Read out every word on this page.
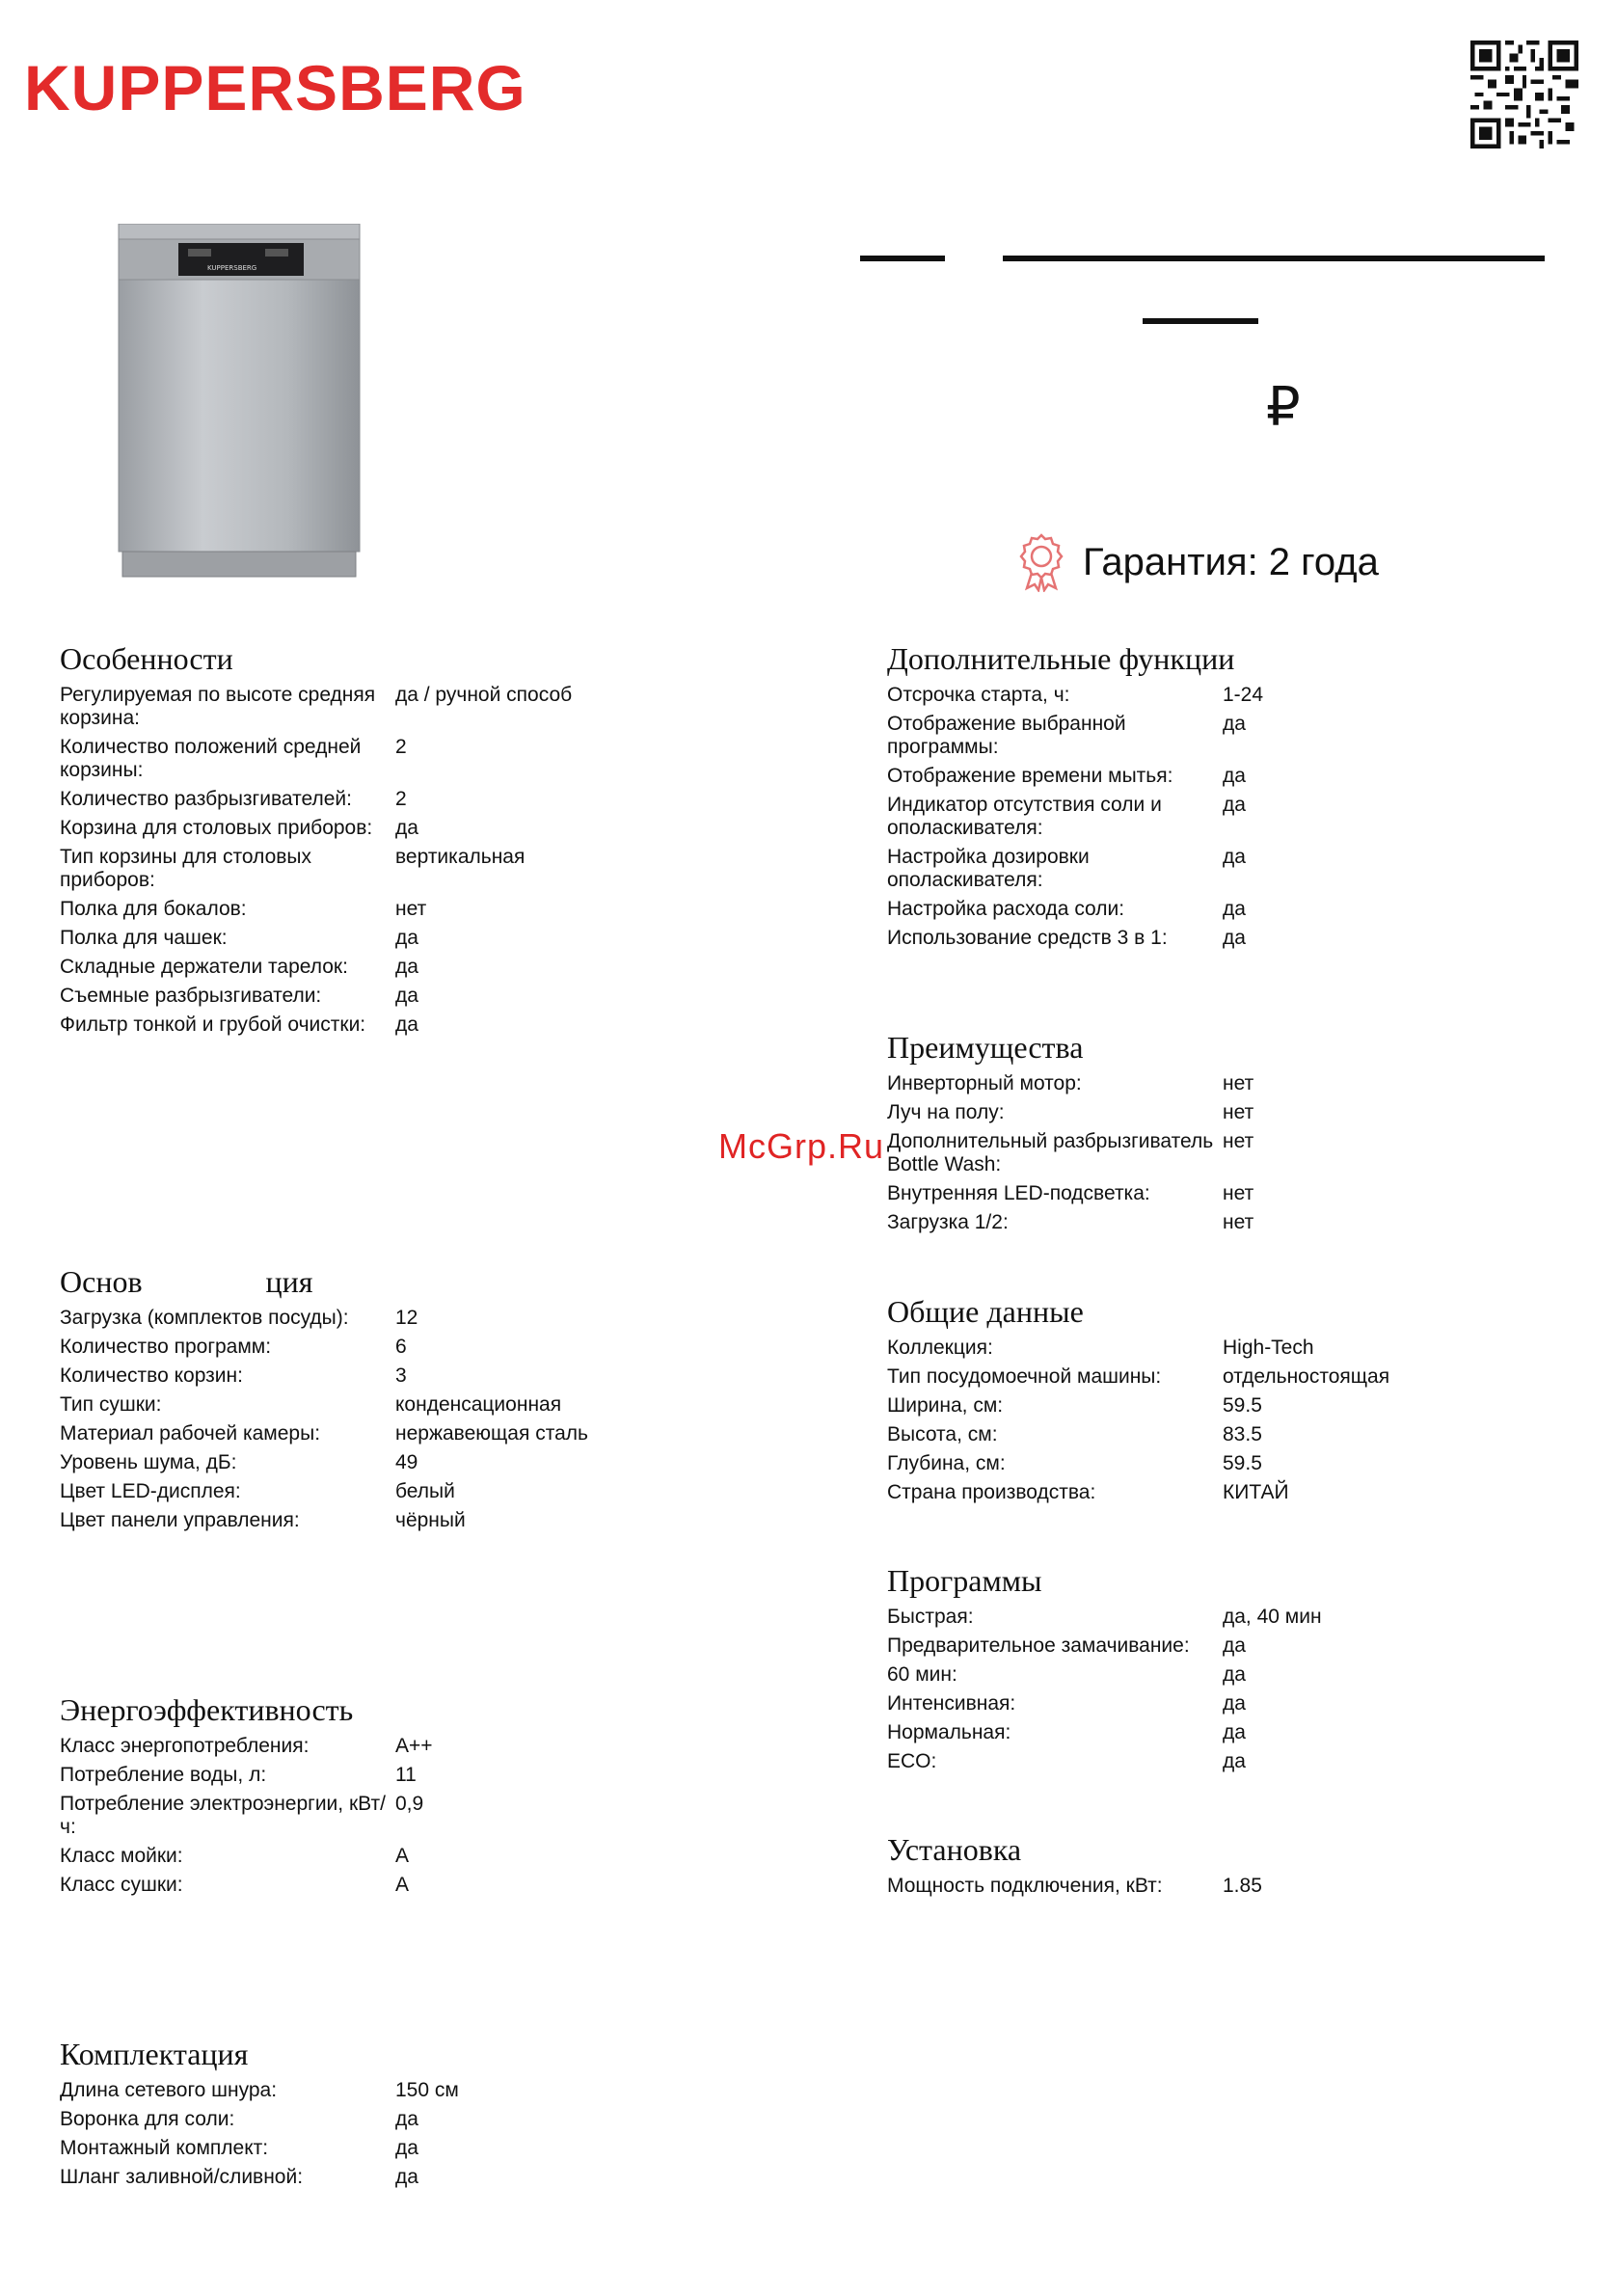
KUPPERSBERG
KUPPERSBERG
₽
Гарантия: 2 года
McGrp.Ru
Особенности
Регулируемая по высоте средняя корзина:
да / ручной способ
Количество положений средней корзины:
2
Количество разбрызгивателей:	2
Корзина для столовых приборов:	да
Тип корзины для столовых приборов:
вертикальная
Полка для бокалов:	нет
Полка для чашек:	да
Складные держатели тарелок:	да
Съемные разбрызгиватели:	да
Фильтр тонкой и грубой очистки:	да
Основ                ция
Загрузка (комплектов посуды):	12
Количество программ:	6
Количество корзин:	3
Тип сушки:	конденсационная
Материал рабочей камеры:	нержавеющая сталь
Уровень шума, дБ:	49
Цвет LED-дисплея:	белый
Цвет панели управления:	чёрный
Энергоэффективность
Класс энергопотребления:	A++
Потребление воды, л:	11
Потребление электроэнергии, кВт/ч:
0,9
Класс мойки:	A
Класс сушки:	A
Комплектация
Длина сетевого шнура:	150 см
Воронка для соли:	да
Монтажный комплект:	да
Шланг заливной/сливной:	да
Дополнительные функции
Отсрочка старта, ч:	1-24
Отображение выбранной программы:
да
Отображение времени мытья:	да
Индикатор отсутствия соли и ополаскивателя:
да
Настройка дозировки ополаскивателя:
да
Настройка расхода соли:	да
Использование средств 3 в 1:	да
Преимущества
Инверторный мотор:	нет
Луч на полу:	нет
Дополнительный разбрызгиватель Bottle Wash:
нет
Внутренняя LED-подсветка:	нет
Загрузка 1/2:	нет
Общие данные
Коллекция:	High-Tech
Тип посудомоечной машины:	отдельностоящая
Ширина, см:	59.5
Высота, см:	83.5
Глубина, см:	59.5
Страна производства:	КИТАЙ
Программы
Быстрая:	да, 40 мин
Предварительное замачивание:	да
60 мин:	да
Интенсивная:	да
Нормальная:	да
ECO:	да
Установка
Мощность подключения, кВт:	1.85
